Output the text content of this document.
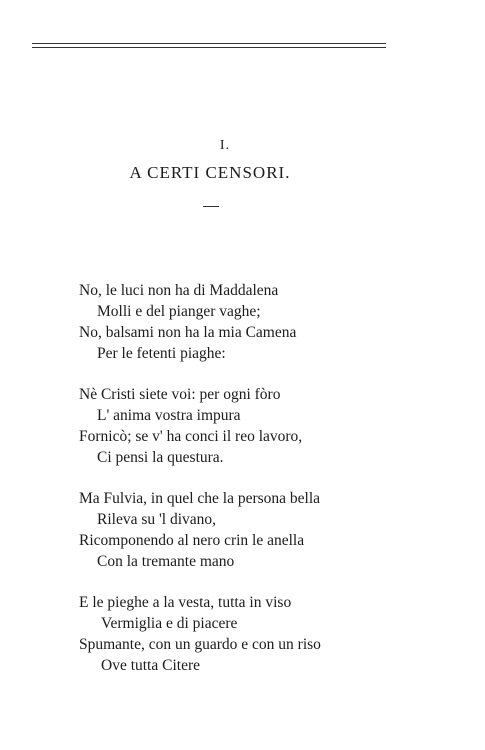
I.
A CERTI CENSORI.
No, le luci non ha di Maddalena
Molli e del pianger vaghe;
No, balsami non ha la mia Camena
Per le fetenti piaghe:
Nè Cristi siete voi: per ogni fòro
L' anima vostra impura
Fornicò; se v' ha conci il reo lavoro,
Ci pensi la questura.
Ma Fulvia, in quel che la persona bella
Rileva su 'l divano,
Ricomponendo al nero crin le anella
Con la tremante mano
E le pieghe a la vesta, tutta in viso
Vermiglia e di piacere
Spumante, con un guardo e con un riso
Ove tutta Citere
